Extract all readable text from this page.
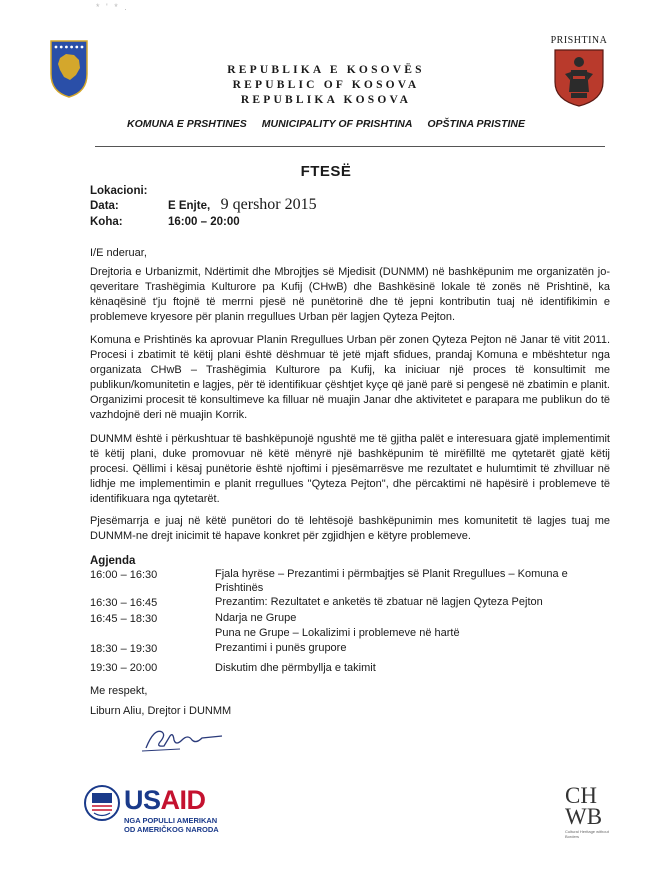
* ' * .
REPUBLIKA E KOSOVËS
REPUBLIC OF KOSOVA
REPUBLIKA KOSOVA
PRISHTINA
KOMUNA E PRSHTINES MUNICIPALITY OF PRISHTINA OPŠTINA PRISTINE
FTESË
Lokacioni:
Data:	E Enjte, 9 qershor 2015
Koha:	16:00 – 20:00
I/E nderuar,

Drejtoria e Urbanizmit, Ndërtimit dhe Mbrojtjes së Mjedisit (DUNMM) në bashkëpunim me organizatën jo-qeveritare Trashëgimia Kulturore pa Kufij (CHwB) dhe Bashkësinë lokale të zonës në Prishtinë, ka kënaqësinë t'ju ftojnë të merrni pjesë në punëtorinë dhe të jepni kontributin tuaj në identifikimin e problemeve kryesore për planin rregullues Urban për lagjen Qyteza Pejton.

Komuna e Prishtinës ka aprovuar Planin Rregullues Urban për zonen Qyteza Pejton në Janar të vitit 2011. Procesi i zbatimit të këtij plani është dëshmuar të jetë mjaft sfidues, prandaj Komuna e mbështetur nga organizata CHwB – Trashëgimia Kulturore pa Kufij, ka iniciuar një proces të konsultimit me publikun/komunitetin e lagjes, për të identifikuar çështjet kyçe që janë parë si pengesë në zbatimin e planit. Organizimi procesit të konsultimeve ka filluar në muajin Janar dhe aktivitetet e parapara me publikun do të vazhdojnë deri në muajin Korrik.

DUNMM është i përkushtuar të bashkëpunojë ngushtë me të gjitha palët e interesuara gjatë implementimit të këtij plani, duke promovuar në këtë mënyrë një bashkëpunim të mirëfilltë me qytetarët gjatë këtij procesi. Qëllimi i kësaj punëtorie është njoftimi i pjesëmarrësve me rezultatet e hulumtimit të zhvilluar në lidhje me implementimin e planit rregullues "Qyteza Pejton", dhe përcaktimi në hapësirë i problemeve të identifikuara nga qytetarët.

Pjesëmarrja e juaj në këtë punëtori do të lehtësojë bashkëpunimin mes komunitetit të lagjes tuaj me DUNMM-ne drejt inicimit të hapave konkret për zgjidhjen e këtyre problemeve.

Agjenda
16:00 – 16:30	Fjala hyrëse – Prezantimi i përmbajtjes së Planit Rregullues – Komuna e Prishtinës
16:30 – 16:45	Prezantim: Rezultatet e anketës të zbatuar në lagjen Qyteza Pejton
16:45 – 18:30	Ndarja ne Grupe
Puna ne Grupe – Lokalizimi i problemeve në hartë
18:30 – 19:30	Prezantimi i punës grupore
19:30 – 20:00	Diskutim dhe përmbyllja e takimit
Me respekt,
Liburn Aliu, Drejtor i DUNMM
USAID
NGA POPULLI AMERIKAN
OD AMERIČKOG NARODA
CH
WB
Cultural Heritage without Borders
